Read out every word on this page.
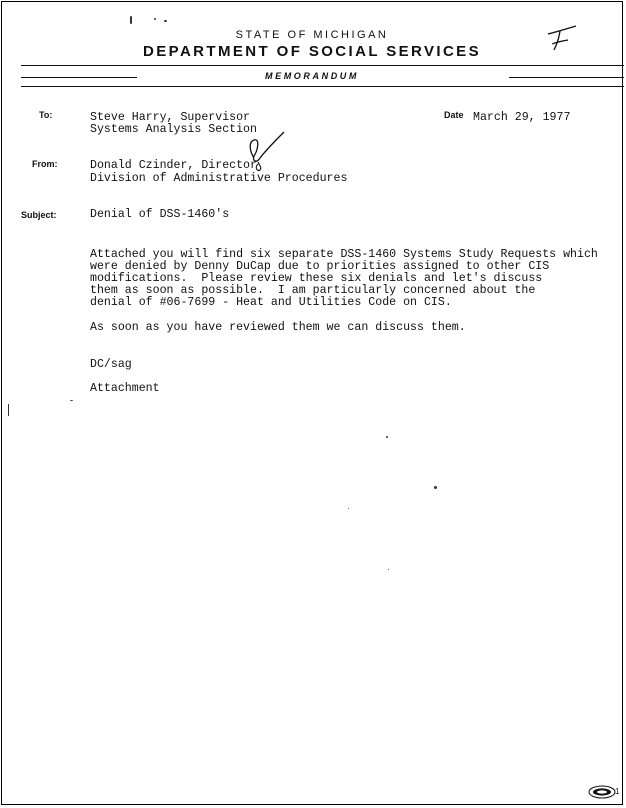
STATE OF MICHIGAN
DEPARTMENT OF SOCIAL SERVICES
MEMORANDUM
To:	Steve Harry, Supervisor
Systems Analysis Section
Date March 29, 1977
From:	Donald Czinder, Director
Division of Administrative Procedures
Subject:	Denial of DSS-1460's
Attached you will find six separate DSS-1460 Systems Study Requests which
were denied by Denny DuCap due to priorities assigned to other CIS
modifications.  Please review these six denials and let's discuss
them as soon as possible.  I am particularly concerned about the
denial of #06-7699 - Heat and Utilities Code on CIS.
As soon as you have reviewed them we can discuss them.
DC/sag
Attachment
1
